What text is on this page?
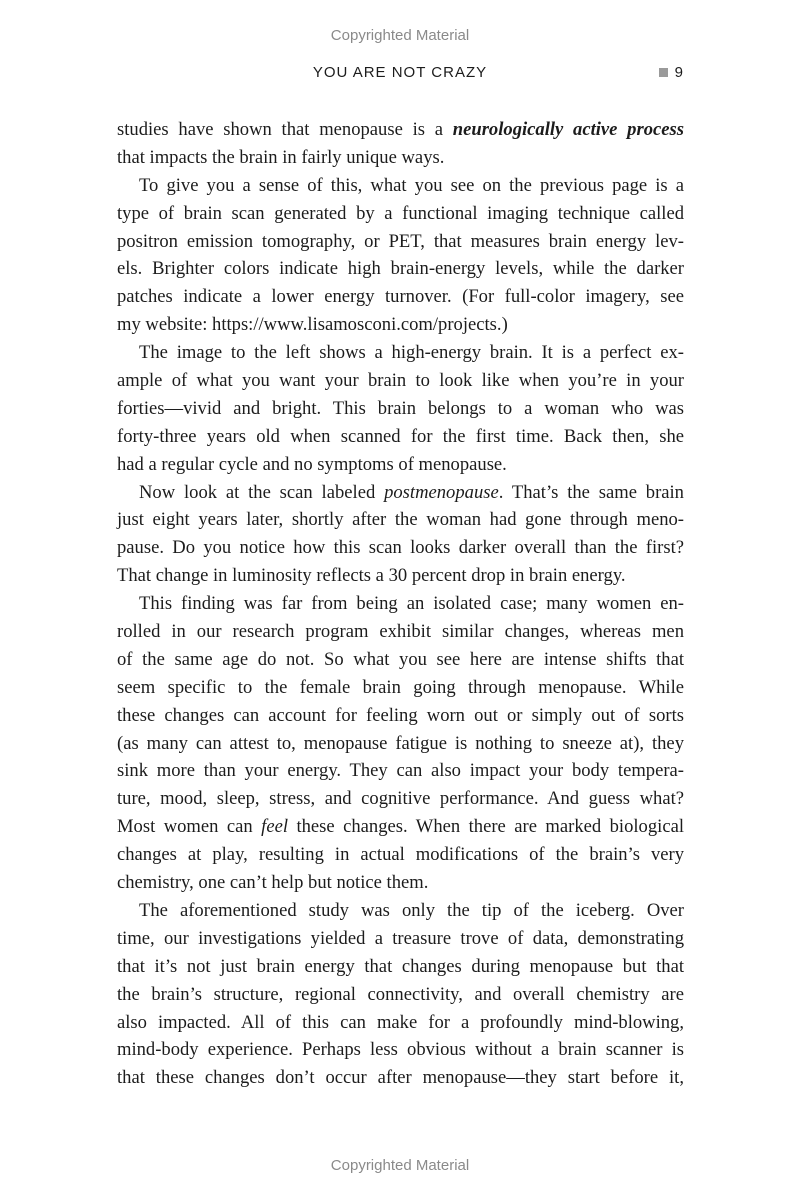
Copyrighted Material
YOU ARE NOT CRAZY	9
studies have shown that menopause is a neurologically active process
that impacts the brain in fairly unique ways.
To give you a sense of this, what you see on the previous page is a
type of brain scan generated by a functional imaging technique called
positron emission tomography, or PET, that measures brain energy lev-
els. Brighter colors indicate high brain-energy levels, while the darker
patches indicate a lower energy turnover. (For full-color imagery, see
my website: https://www.lisamosconi.com/projects.)
The image to the left shows a high-energy brain. It is a perfect ex-
ample of what you want your brain to look like when you’re in your
forties—vivid and bright. This brain belongs to a woman who was
forty-three years old when scanned for the first time. Back then, she
had a regular cycle and no symptoms of menopause.
Now look at the scan labeled postmenopause. That’s the same brain
just eight years later, shortly after the woman had gone through meno-
pause. Do you notice how this scan looks darker overall than the first?
That change in luminosity reflects a 30 percent drop in brain energy.
This finding was far from being an isolated case; many women en-
rolled in our research program exhibit similar changes, whereas men
of the same age do not. So what you see here are intense shifts that
seem specific to the female brain going through menopause. While
these changes can account for feeling worn out or simply out of sorts
(as many can attest to, menopause fatigue is nothing to sneeze at), they
sink more than your energy. They can also impact your body tempera-
ture, mood, sleep, stress, and cognitive performance. And guess what?
Most women can feel these changes. When there are marked biological
changes at play, resulting in actual modifications of the brain’s very
chemistry, one can’t help but notice them.
The aforementioned study was only the tip of the iceberg. Over
time, our investigations yielded a treasure trove of data, demonstrating
that it’s not just brain energy that changes during menopause but that
the brain’s structure, regional connectivity, and overall chemistry are
also impacted. All of this can make for a profoundly mind-blowing,
mind-body experience. Perhaps less obvious without a brain scanner is
that these changes don’t occur after menopause—they start before it,
Copyrighted Material
